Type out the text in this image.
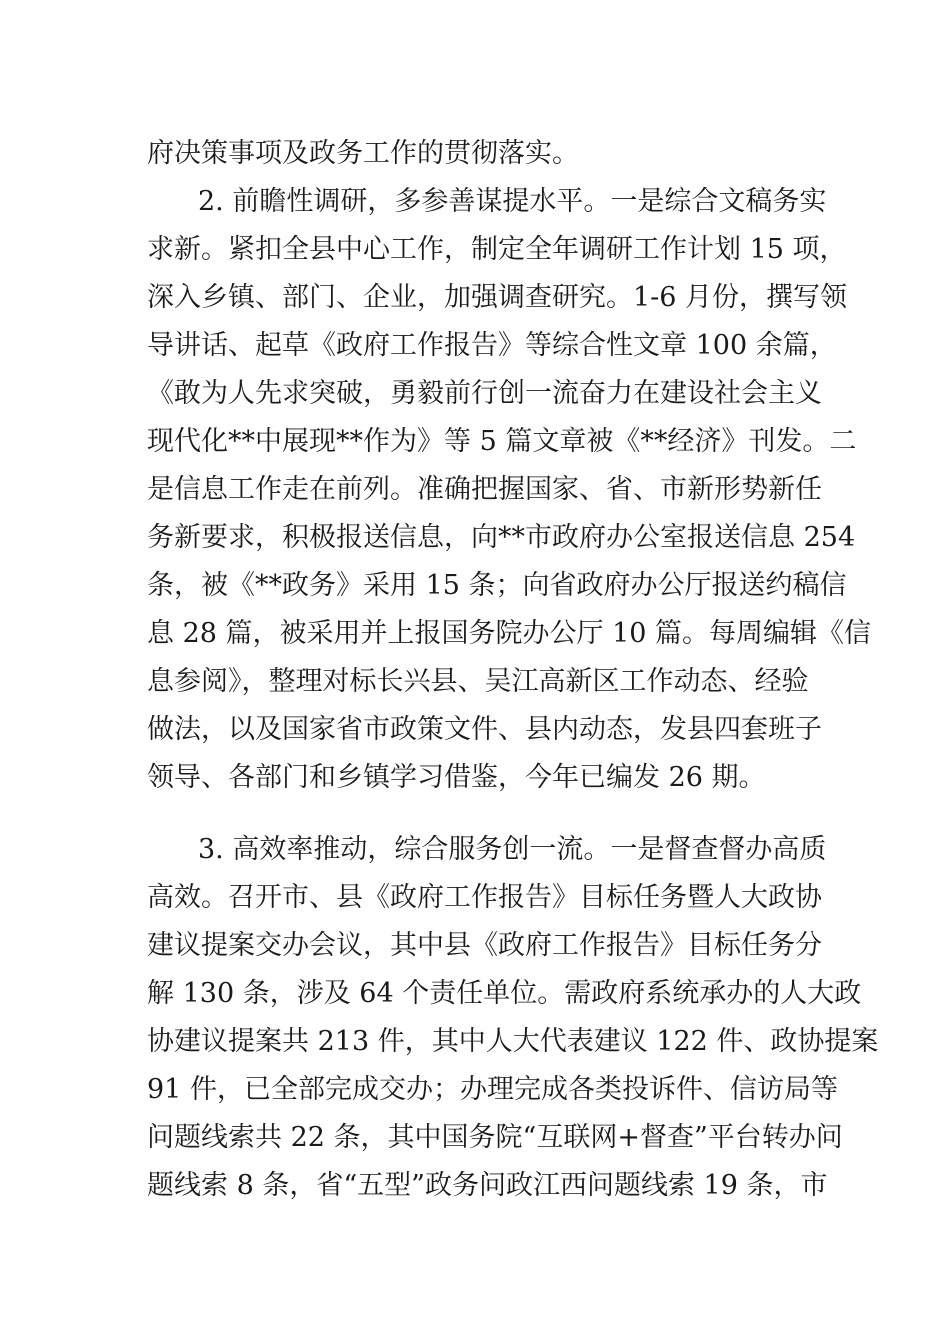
府决策事项及政务工作的贯彻落实。
2. 前瞻性调研，多参善谋提水平。一是综合文稿务实
求新。紧扣全县中心工作，制定全年调研工作计划 15 项，
深入乡镇、部门、企业，加强调查研究。1-6 月份，撰写领
导讲话、起草《政府工作报告》等综合性文章 100 余篇，
《敢为人先求突破，勇毅前行创一流奋力在建设社会主义
现代化**中展现**作为》等 5 篇文章被《**经济》刊发。二
是信息工作走在前列。准确把握国家、省、市新形势新任
务新要求，积极报送信息，向**市政府办公室报送信息 254
条，被《**政务》采用 15 条；向省政府办公厅报送约稿信
息 28 篇，被采用并上报国务院办公厅 10 篇。每周编辑《信
息参阅》，整理对标长兴县、吴江高新区工作动态、经验
做法，以及国家省市政策文件、县内动态，发县四套班子
领导、各部门和乡镇学习借鉴，今年已编发 26 期。
3. 高效率推动，综合服务创一流。一是督查督办高质
高效。召开市、县《政府工作报告》目标任务暨人大政协
建议提案交办会议，其中县《政府工作报告》目标任务分
解 130 条，涉及 64 个责任单位。需政府系统承办的人大政
协建议提案共 213 件，其中人大代表建议 122 件、政协提案
91 件，已全部完成交办；办理完成各类投诉件、信访局等
问题线索共 22 条，其中国务院“互联网+督查”平台转办问
题线索 8 条，省“五型”政务问政江西问题线索 19 条，市
